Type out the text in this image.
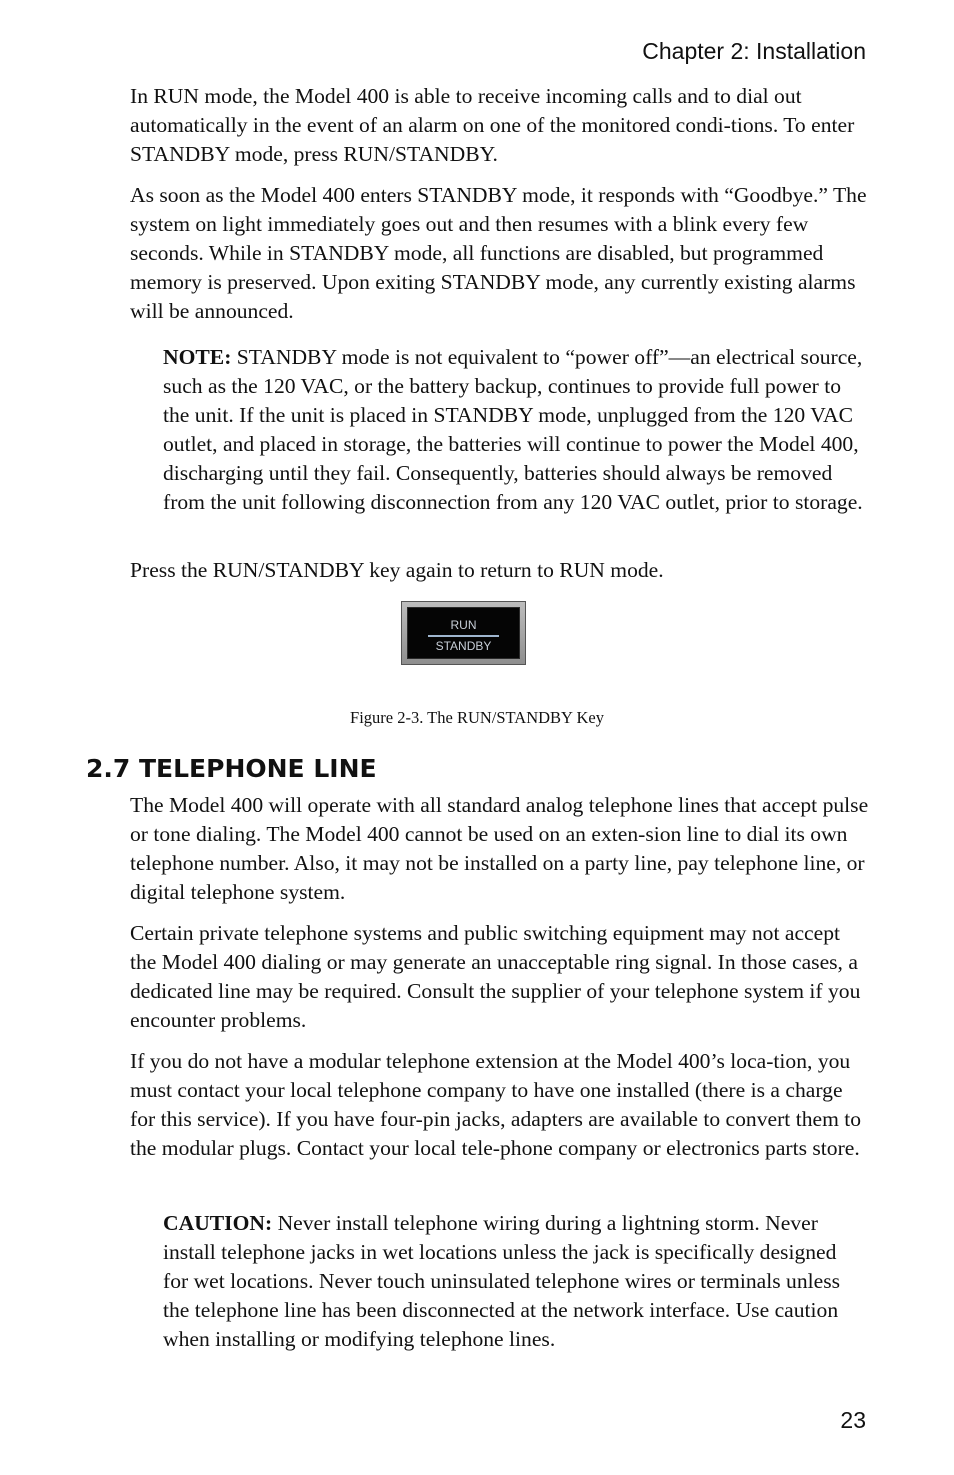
Chapter 2: Installation

In RUN mode, the Model 400 is able to receive incoming calls and to dial out automatically in the event of an alarm on one of the monitored condi-tions. To enter STANDBY mode, press RUN/STANDBY.

As soon as the Model 400 enters STANDBY mode, it responds with “Goodbye.” The system on light immediately goes out and then resumes with a blink every few seconds. While in STANDBY mode, all functions are disabled, but programmed memory is preserved. Upon exiting STANDBY mode, any currently existing alarms will be announced.

NOTE: STANDBY mode is not equivalent to “power off”—an electrical source, such as the 120 VAC, or the battery backup, continues to provide full power to the unit. If the unit is placed in STANDBY mode, unplugged from the 120 VAC outlet, and placed in storage, the batteries will continue to power the Model 400, discharging until they fail. Consequently, batteries should always be removed from the unit following disconnection from any 120 VAC outlet, prior to storage.

Press the RUN/STANDBY key again to return to RUN mode.

RUN
STANDBY
Figure 2-3. The RUN/STANDBY Key
2.7 TELEPHONE LINE

The Model 400 will operate with all standard analog telephone lines that accept pulse or tone dialing. The Model 400 cannot be used on an exten-sion line to dial its own telephone number. Also, it may not be installed on a party line, pay telephone line, or digital telephone system.

Certain private telephone systems and public switching equipment may not accept the Model 400 dialing or may generate an unacceptable ring signal. In those cases, a dedicated line may be required. Consult the supplier of your telephone system if you encounter problems.

If you do not have a modular telephone extension at the Model 400’s loca-tion, you must contact your local telephone company to have one installed (there is a charge for this service). If you have four-pin jacks, adapters are available to convert them to the modular plugs. Contact your local tele-phone company or electronics parts store.

CAUTION: Never install telephone wiring during a lightning storm. Never install telephone jacks in wet locations unless the jack is specifically designed for wet locations. Never touch uninsulated telephone wires or terminals unless the telephone line has been disconnected at the network interface. Use caution when installing or modifying telephone lines.

23
